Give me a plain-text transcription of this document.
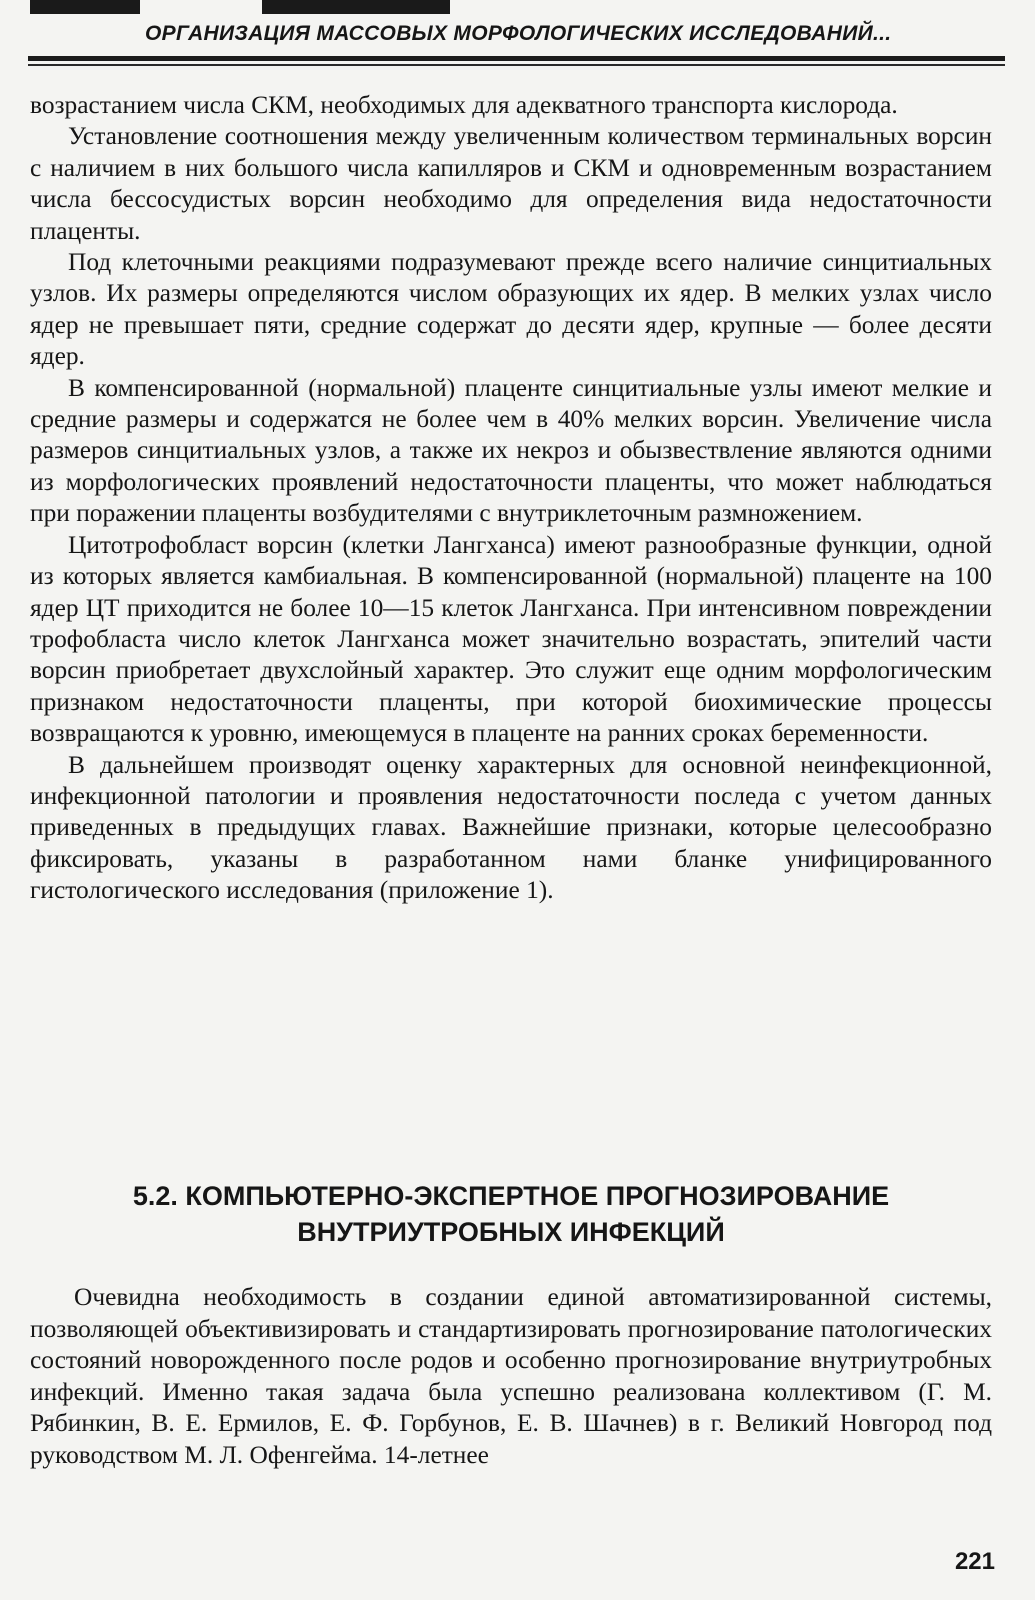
ОРГАНИЗАЦИЯ МАССОВЫХ МОРФОЛОГИЧЕСКИХ ИССЛЕДОВАНИЙ...

возрастанием числа СКМ, необходимых для адекватного транспорта кислорода.

Установление соотношения между увеличенным количеством терминальных ворсин с наличием в них большого числа капилляров и СКМ и одновременным возрастанием числа бессосудистых ворсин необходимо для определения вида недостаточности плаценты.

Под клеточными реакциями подразумевают прежде всего наличие синцитиальных узлов. Их размеры определяются числом образующих их ядер. В мелких узлах число ядер не превышает пяти, средние содержат до десяти ядер, крупные — более десяти ядер.

В компенсированной (нормальной) плаценте синцитиальные узлы имеют мелкие и средние размеры и содержатся не более чем в 40% мелких ворсин. Увеличение числа размеров синцитиальных узлов, а также их некроз и обызвествление являются одними из морфологических проявлений недостаточности плаценты, что может наблюдаться при поражении плаценты возбудителями с внутриклеточным размножением.

Цитотрофобласт ворсин (клетки Лангханса) имеют разнообразные функции, одной из которых является камбиальная. В компенсированной (нормальной) плаценте на 100 ядер ЦТ приходится не более 10—15 клеток Лангханса. При интенсивном повреждении трофобласта число клеток Лангханса может значительно возрастать, эпителий части ворсин приобретает двухслойный характер. Это служит еще одним морфологическим признаком недостаточности плаценты, при которой биохимические процессы возвращаются к уровню, имеющемуся в плаценте на ранних сроках беременности.

В дальнейшем производят оценку характерных для основной неинфекционной, инфекционной патологии и проявления недостаточности последа с учетом данных приведенных в предыдущих главах. Важнейшие признаки, которые целесообразно фиксировать, указаны в разработанном нами бланке унифицированного гистологического исследования (приложение 1).

5.2. КОМПЬЮТЕРНО-ЭКСПЕРТНОЕ ПРОГНОЗИРОВАНИЕ
ВНУТРИУТРОБНЫХ ИНФЕКЦИЙ

Очевидна необходимость в создании единой автоматизированной системы, позволяющей объективизировать и стандартизировать прогнозирование патологических состояний новорожденного после родов и особенно прогнозирование внутриутробных инфекций. Именно такая задача была успешно реализована коллективом (Г. М. Рябинкин, В. Е. Ермилов, Е. Ф. Горбунов, Е. В. Шачнев) в г. Великий Новгород под руководством М. Л. Офенгейма. 14-летнее

221
